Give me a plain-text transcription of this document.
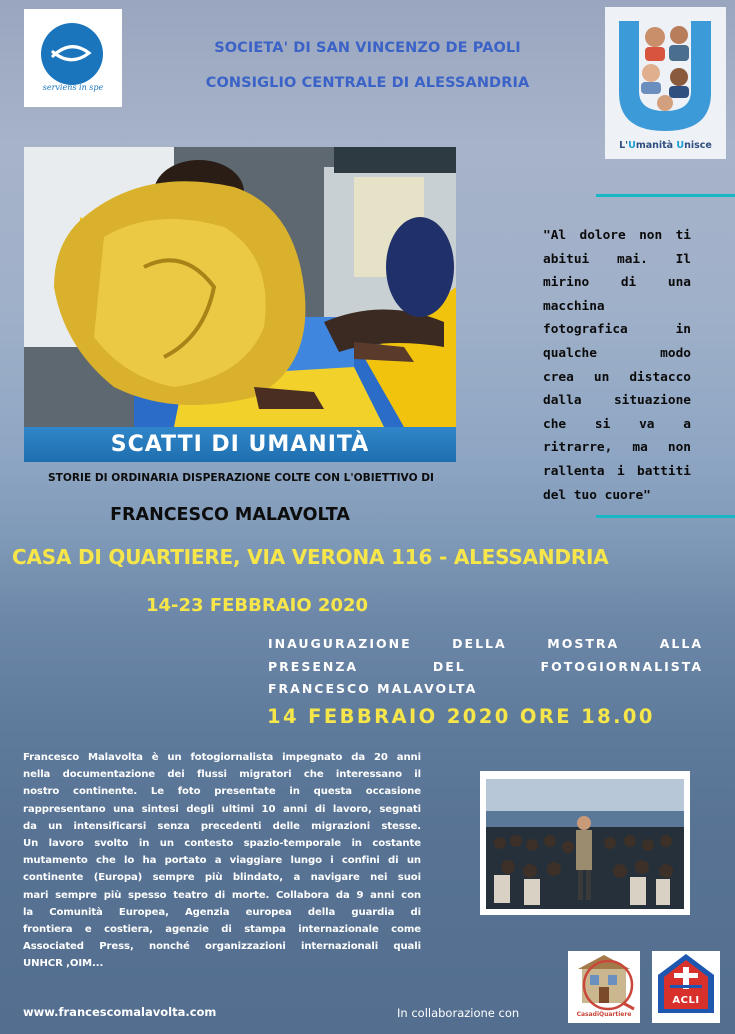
serviens in spe
SOCIETA' DI SAN VINCENZO DE PAOLI
CONSIGLIO CENTRALE DI ALESSANDRIA
L'Umanità Unisce
SCATTI DI UMANITÀ
"Al dolore non ti
abitui mai. Il
mirino di una
macchina
fotografica in
qualche modo
crea un distacco
dalla situazione
che si va a
ritrarre, ma non
rallenta i battiti
del tuo cuore"
STORIE DI ORDINARIA DISPERAZIONE COLTE CON L'OBIETTIVO DI
FRANCESCO MALAVOLTA
CASA DI QUARTIERE, VIA VERONA 116 - ALESSANDRIA
14-23 FEBBRAIO 2020
INAUGURAZIONE DELLA MOSTRA ALLA
PRESENZA DEL FOTOGIORNALISTA
FRANCESCO MALAVOLTA
14 FEBBRAIO 2020 ORE 18.00
Francesco Malavolta è un fotogiornalista impegnato da 20 anni
nella documentazione dei flussi migratori che interessano il
nostro continente. Le foto presentate in questa occasione
rappresentano una sintesi degli ultimi 10 anni di lavoro, segnati
da un intensificarsi senza precedenti delle migrazioni stesse.
Un lavoro svolto in un contesto spazio-temporale in costante
mutamento che lo ha portato a viaggiare lungo i confini di un
continente (Europa) sempre più blindato, a navigare nei suoi
mari sempre più spesso teatro di morte. Collabora da 9 anni con
la Comunità Europea, Agenzia europea della guardia di
frontiera e costiera, agenzie di stampa internazionale come
Associated Press, nonché organizzazioni internazionali quali
UNHCR ,OIM...
www.francescomalavolta.com	In collaborazione con	CasadiQuartiere
ACLI
